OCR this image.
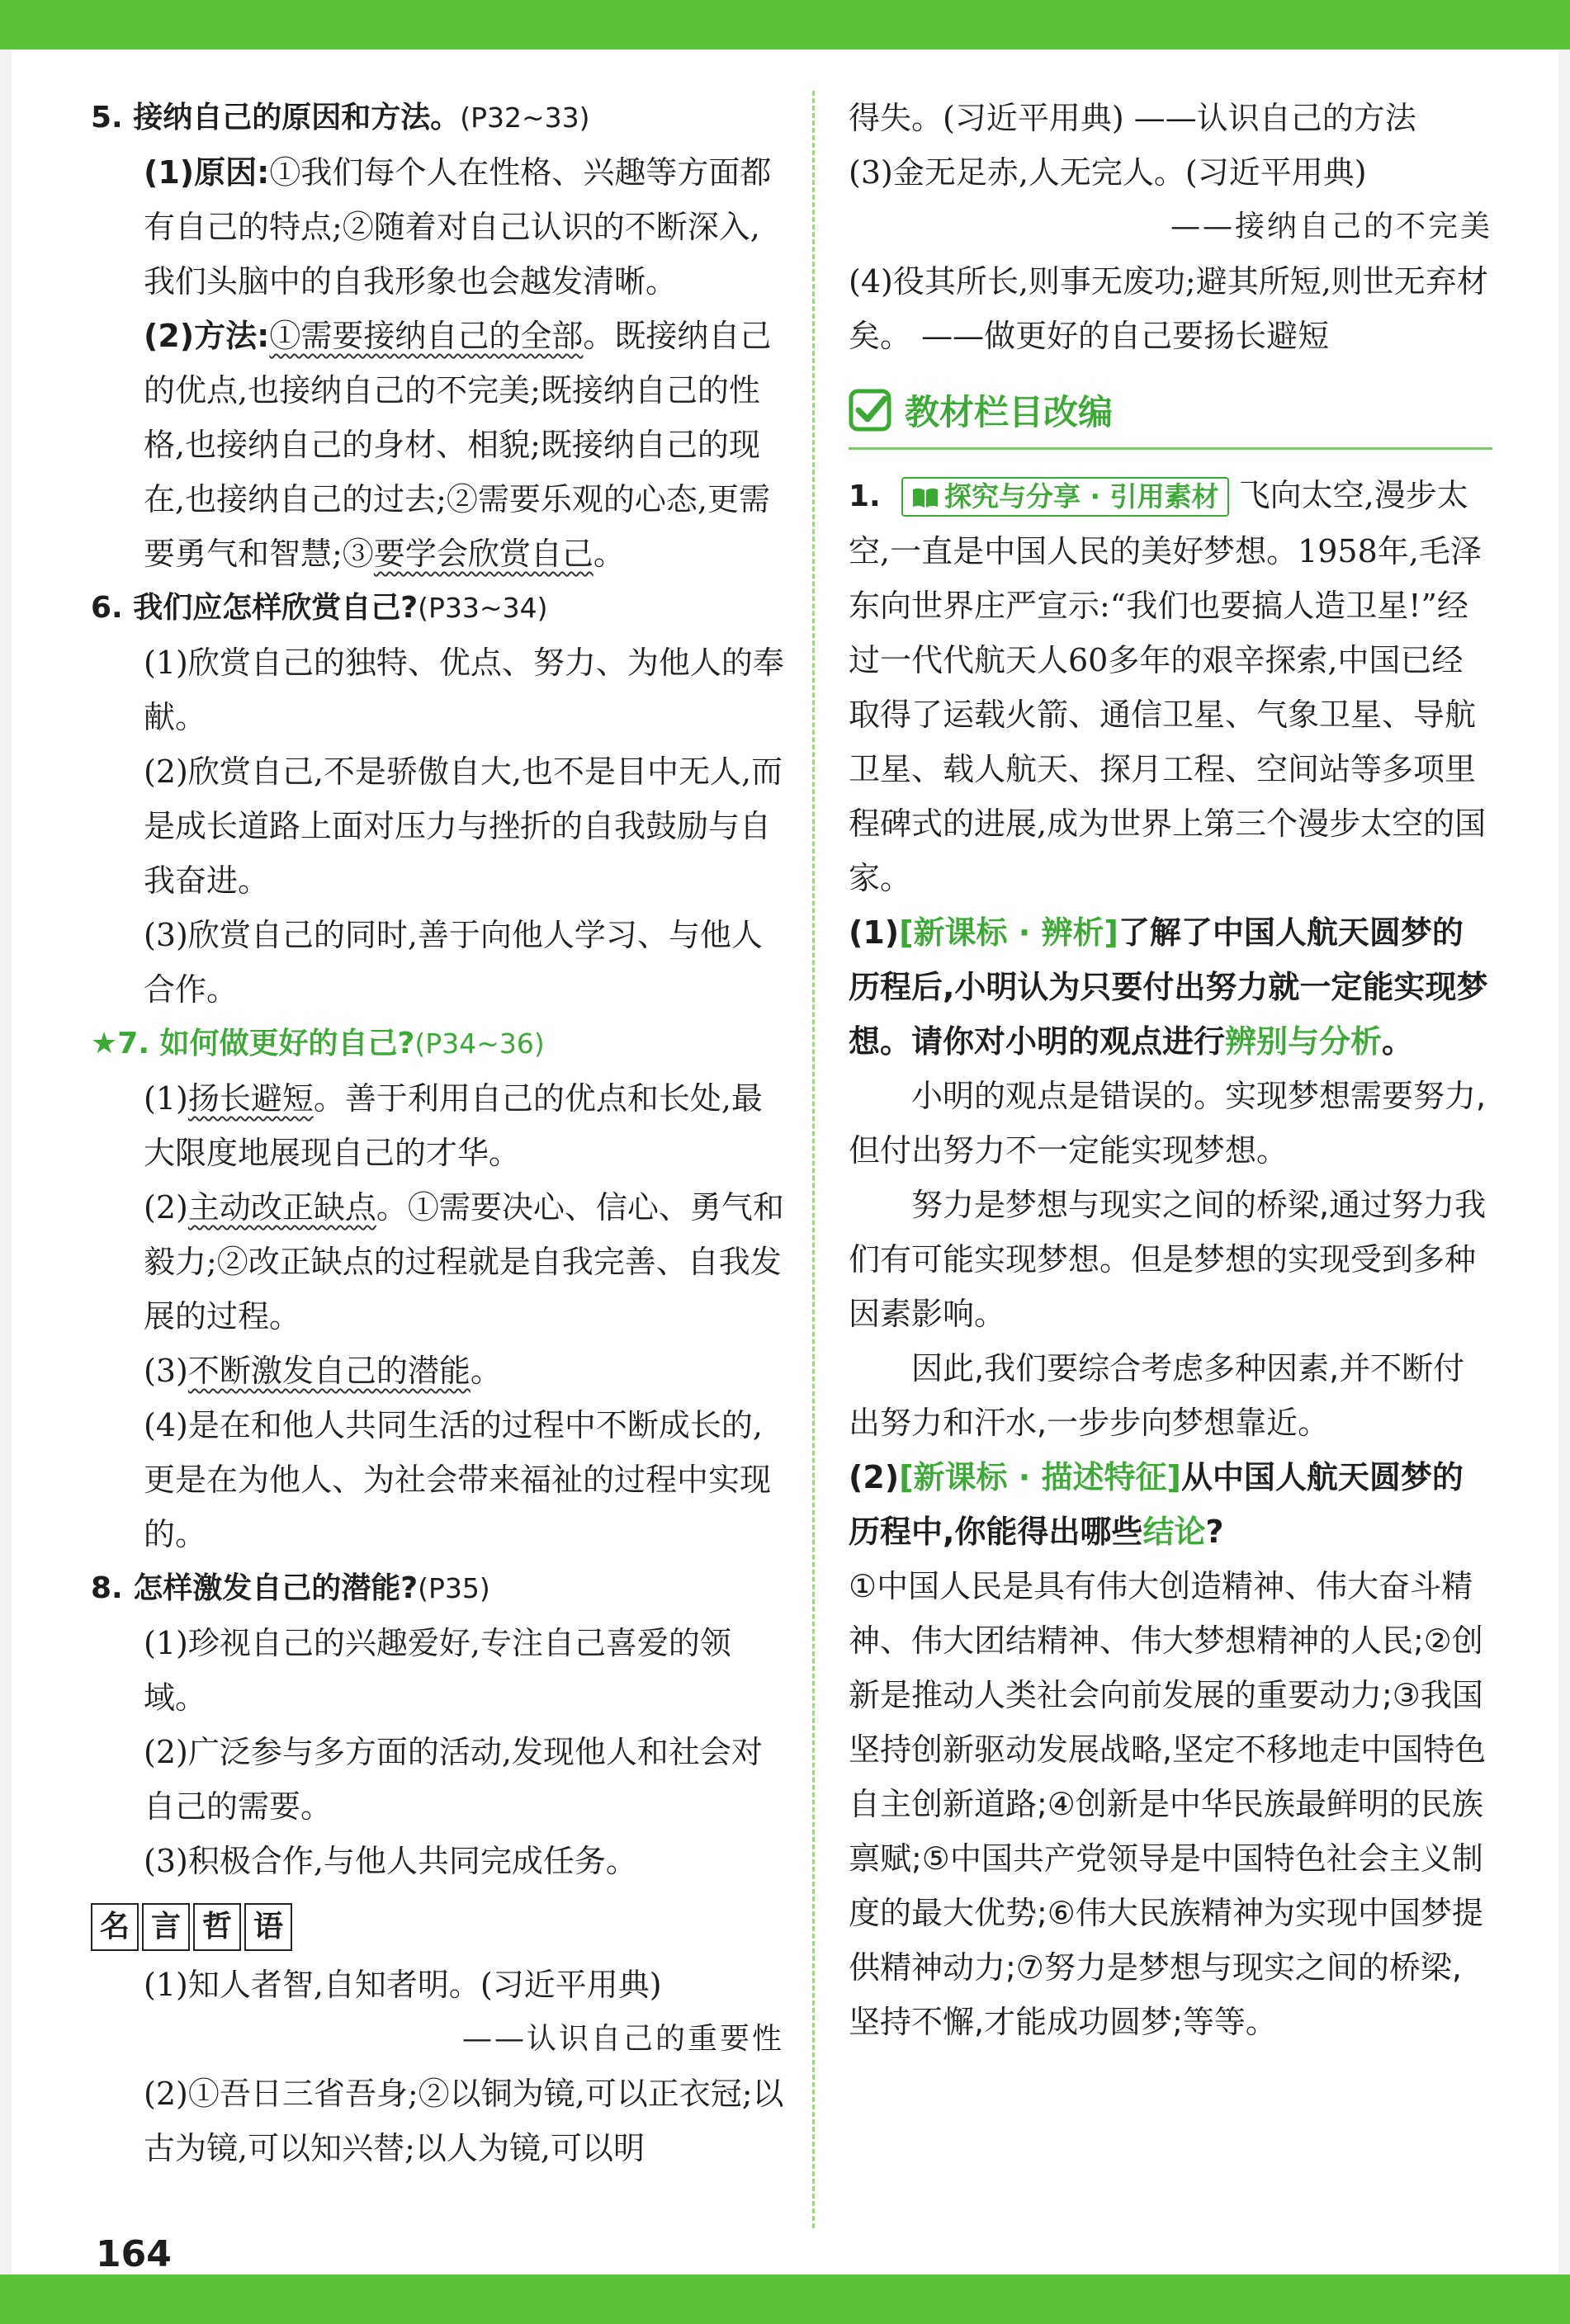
5. 接纳自己的原因和方法。(P32~33)

(1)原因:①我们每个人在性格、兴趣等方面都有自己的特点;②随着对自己认识的不断深入,我们头脑中的自我形象也会越发清晰。

(2)方法:①需要接纳自己的全部。既接纳自己的优点,也接纳自己的不完美;既接纳自己的性格,也接纳自己的身材、相貌;既接纳自己的现在,也接纳自己的过去;②需要乐观的心态,更需要勇气和智慧;③要学会欣赏自己。

6. 我们应怎样欣赏自己?(P33~34)

(1)欣赏自己的独特、优点、努力、为他人的奉献。

(2)欣赏自己,不是骄傲自大,也不是目中无人,而是成长道路上面对压力与挫折的自我鼓励与自我奋进。

(3)欣赏自己的同时,善于向他人学习、与他人合作。

★7. 如何做更好的自己?(P34~36)

(1)扬长避短。善于利用自己的优点和长处,最大限度地展现自己的才华。

(2)主动改正缺点。①需要决心、信心、勇气和毅力;②改正缺点的过程就是自我完善、自我发展的过程。

(3)不断激发自己的潜能。

(4)是在和他人共同生活的过程中不断成长的,更是在为他人、为社会带来福祉的过程中实现的。

8. 怎样激发自己的潜能?(P35)

(1)珍视自己的兴趣爱好,专注自己喜爱的领域。

(2)广泛参与多方面的活动,发现他人和社会对自己的需要。

(3)积极合作,与他人共同完成任务。

名 言 哲 语

(1)知人者智,自知者明。(习近平用典)

——认识自己的重要性

(2)①吾日三省吾身;②以铜为镜,可以正衣冠;以古为镜,可以知兴替;以人为镜,可以明

164

得失。(习近平用典) ——认识自己的方法

(3)金无足赤,人无完人。(习近平用典)

——接纳自己的不完美

(4)役其所长,则事无废功;避其所短,则世无弃材矣。 ——做更好的自己要扬长避短

教材栏目改编

1. 探究与分享 · 引用素材 飞向太空,漫步太空,一直是中国人民的美好梦想。1958年,毛泽东向世界庄严宣示:“我们也要搞人造卫星!”经过一代代航天人60多年的艰辛探索,中国已经取得了运载火箭、通信卫星、气象卫星、导航卫星、载人航天、探月工程、空间站等多项里程碑式的进展,成为世界上第三个漫步太空的国家。

(1)[新课标 · 辨析]了解了中国人航天圆梦的历程后,小明认为只要付出努力就一定能实现梦想。请你对小明的观点进行辨别与分析。

小明的观点是错误的。实现梦想需要努力,但付出努力不一定能实现梦想。

努力是梦想与现实之间的桥梁,通过努力我们有可能实现梦想。但是梦想的实现受到多种因素影响。

因此,我们要综合考虑多种因素,并不断付出努力和汗水,一步步向梦想靠近。

(2)[新课标 · 描述特征]从中国人航天圆梦的历程中,你能得出哪些结论?

①中国人民是具有伟大创造精神、伟大奋斗精神、伟大团结精神、伟大梦想精神的人民;②创新是推动人类社会向前发展的重要动力;③我国坚持创新驱动发展战略,坚定不移地走中国特色自主创新道路;④创新是中华民族最鲜明的民族禀赋;⑤中国共产党领导是中国特色社会主义制度的最大优势;⑥伟大民族精神为实现中国梦提供精神动力;⑦努力是梦想与现实之间的桥梁,坚持不懈,才能成功圆梦;等等。
